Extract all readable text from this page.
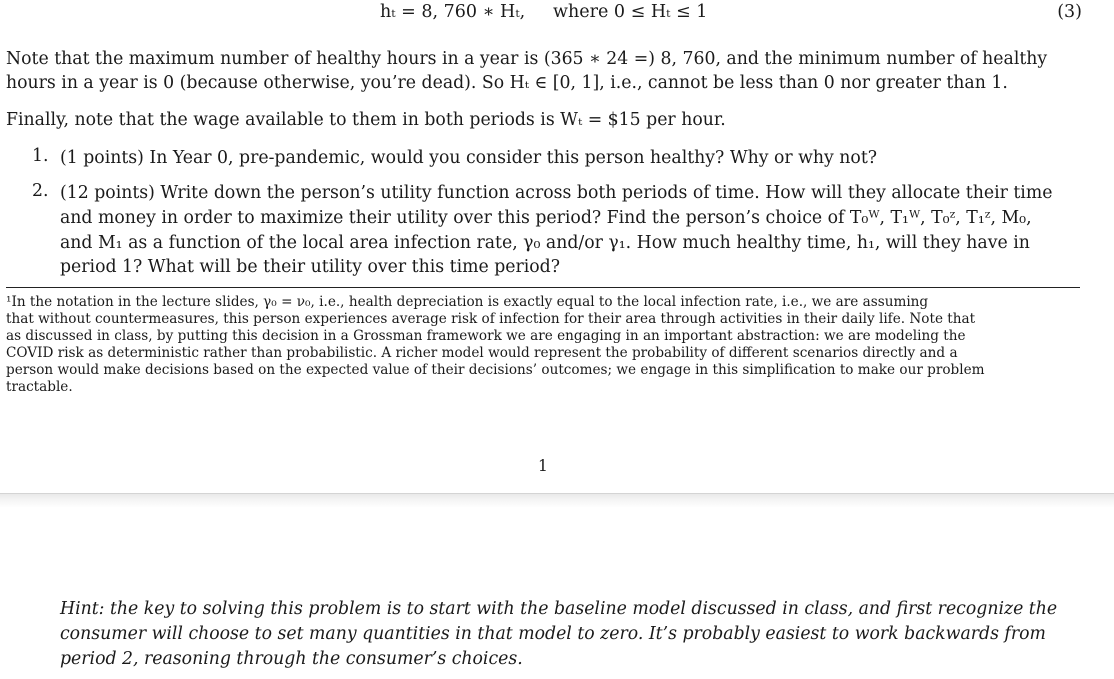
hₜ = 8, 760 ∗ Hₜ, where 0 ≤ Hₜ ≤ 1	(3)
Note that the maximum number of healthy hours in a year is (365 ∗ 24 =) 8, 760, and the minimum number of healthy
hours in a year is 0 (because otherwise, you’re dead). So Hₜ ∈ [0, 1], i.e., cannot be less than 0 nor greater than 1.
Finally, note that the wage available to them in both periods is Wₜ = $15 per hour.
1. (1 points) In Year 0, pre-pandemic, would you consider this person healthy? Why or why not?
2. (12 points) Write down the person’s utility function across both periods of time. How will they allocate their time
and money in order to maximize their utility over this period? Find the person’s choice of T₀ᵂ, T₁ᵂ, T₀ᶻ, T₁ᶻ, M₀,
and M₁ as a function of the local area infection rate, γ₀ and/or γ₁. How much healthy time, h₁, will they have in
period 1? What will be their utility over this time period?
¹In the notation in the lecture slides, γ₀ = ν₀, i.e., health depreciation is exactly equal to the local infection rate, i.e., we are assuming
that without countermeasures, this person experiences average risk of infection for their area through activities in their daily life. Note that
as discussed in class, by putting this decision in a Grossman framework we are engaging in an important abstraction: we are modeling the
COVID risk as deterministic rather than probabilistic. A richer model would represent the probability of different scenarios directly and a
person would make decisions based on the expected value of their decisions’ outcomes; we engage in this simplification to make our problem
tractable.
1
Hint: the key to solving this problem is to start with the baseline model discussed in class, and first recognize the
consumer will choose to set many quantities in that model to zero. It’s probably easiest to work backwards from
period 2, reasoning through the consumer’s choices.
